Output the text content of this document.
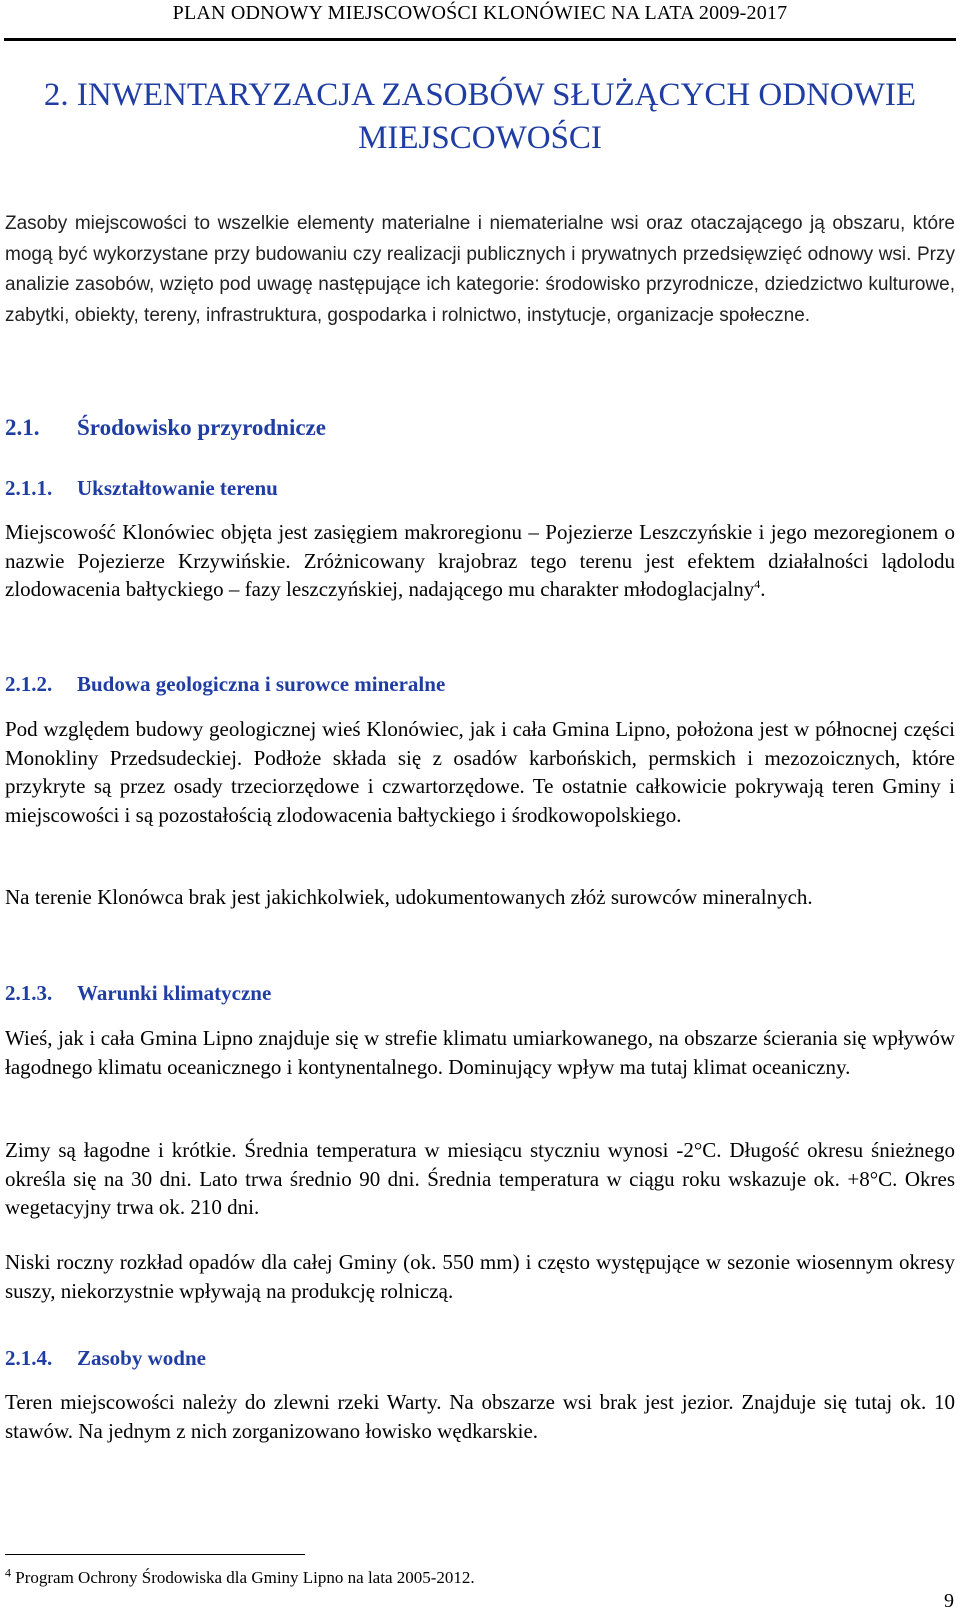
PLAN ODNOWY MIEJSCOWOŚCI KLONÓWIEC NA LATA 2009-2017
2. INWENTARYZACJA ZASOBÓW SŁUŻĄCYCH ODNOWIE MIEJSCOWOŚCI

Zasoby miejscowości to wszelkie elementy materialne i niematerialne wsi oraz otaczającego ją obszaru, które mogą być wykorzystane przy budowaniu czy realizacji publicznych i prywatnych przedsięwzięć odnowy wsi. Przy analizie zasobów, wzięto pod uwagę następujące ich kategorie: środowisko przyrodnicze, dziedzictwo kulturowe, zabytki, obiekty, tereny, infrastruktura, gospodarka i rolnictwo, instytucje, organizacje społeczne.

2.1. Środowisko przyrodnicze
2.1.1. Ukształtowanie terenu

Miejscowość Klonówiec objęta jest zasięgiem makroregionu – Pojezierze Leszczyńskie i jego mezoregionem o nazwie Pojezierze Krzywińskie. Zróżnicowany krajobraz tego terenu jest efektem działalności lądolodu zlodowacenia bałtyckiego – fazy leszczyńskiej, nadającego mu charakter młodoglacjalny$^4$.

2.1.2. Budowa geologiczna i surowce mineralne

Pod względem budowy geologicznej wieś Klonówiec, jak i cała Gmina Lipno, położona jest w północnej części Monokliny Przedsudeckiej. Podłoże składa się z osadów karbońskich, permskich i mezozoicznych, które przykryte są przez osady trzeciorzędowe i czwartorzędowe. Te ostatnie całkowicie pokrywają teren Gminy i miejscowości i są pozostałością zlodowacenia bałtyckiego i środkowopolskiego.

Na terenie Klonówca brak jest jakichkolwiek, udokumentowanych złóż surowców mineralnych.

2.1.3. Warunki klimatyczne

Wieś, jak i cała Gmina Lipno znajduje się w strefie klimatu umiarkowanego, na obszarze ścierania się wpływów łagodnego klimatu oceanicznego i kontynentalnego. Dominujący wpływ ma tutaj klimat oceaniczny.

Zimy są łagodne i krótkie. Średnia temperatura w miesiącu styczniu wynosi -2°C. Długość okresu śnieżnego określa się na 30 dni. Lato trwa średnio 90 dni. Średnia temperatura w ciągu roku wskazuje ok. +8°C. Okres wegetacyjny trwa ok. 210 dni.

Niski roczny rozkład opadów dla całej Gminy (ok. 550 mm) i często występujące w sezonie wiosennym okresy suszy, niekorzystnie wpływają na produkcję rolniczą.

2.1.4. Zasoby wodne

Teren miejscowości należy do zlewni rzeki Warty. Na obszarze wsi brak jest jezior. Znajduje się tutaj ok. 10 stawów. Na jednym z nich zorganizowano łowisko wędkarskie.

$^4$ Program Ochrony Środowiska dla Gminy Lipno na lata 2005-2012.
9
